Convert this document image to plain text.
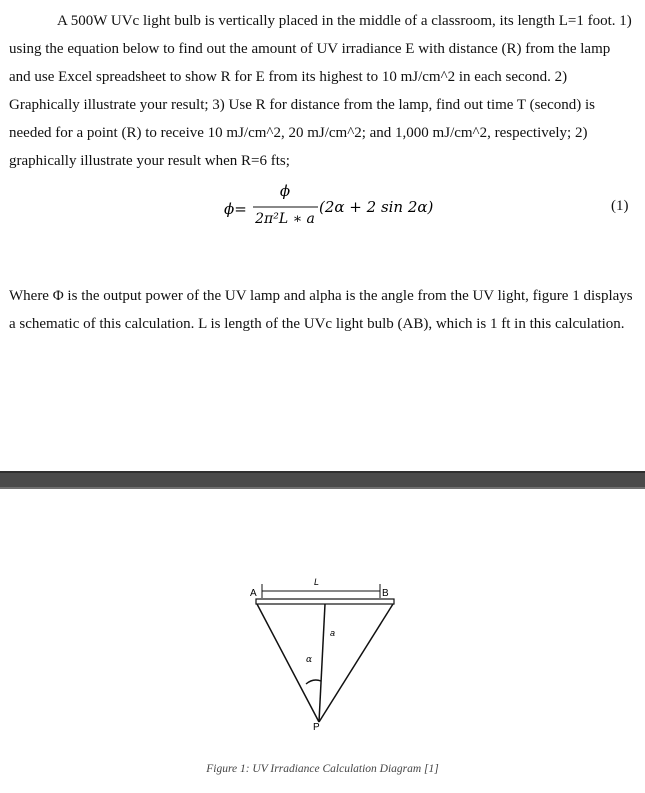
A 500W UVc light bulb is vertically placed in the middle of a classroom, its length L=1 foot. 1) using the equation below to find out the amount of UV irradiance E with distance (R) from the lamp and use Excel spreadsheet to show R for E from its highest to 10 mJ/cm^2 in each second. 2) Graphically illustrate your result; 3) Use R for distance from the lamp, find out time T (second) is needed for a point (R) to receive 10 mJ/cm^2, 20 mJ/cm^2; and 1,000 mJ/cm^2, respectively; 2) graphically illustrate your result when R=6 fts;

ϕ=
ϕ
2π²L ∗ a
(2α + 2 sin 2α)	(1)

Where Φ is the output power of the UV lamp and alpha is the angle from the UV light, figure 1 displays a schematic of this calculation. L is length of the UVc light bulb (AB), which is 1 ft in this calculation.

A	B
L
a
α
P
Figure 1: UV Irradiance Calculation Diagram [1]
